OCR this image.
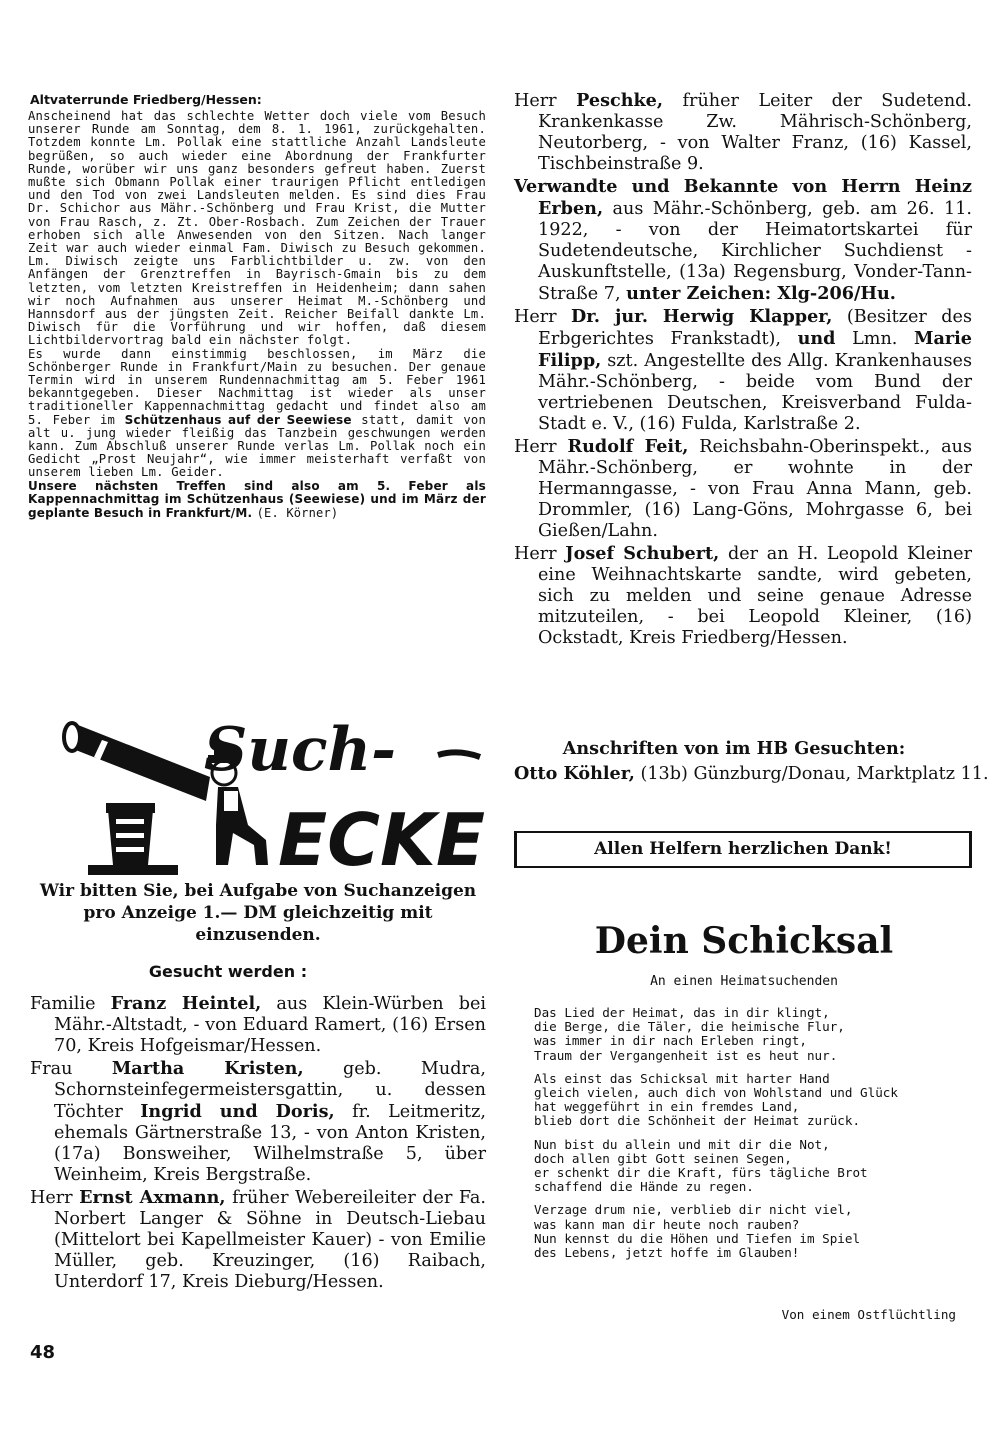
Altvaterrunde Friedberg/Hessen:

Anscheinend hat das schlechte Wetter doch viele vom Besuch unserer Runde am Sonntag, dem 8. 1. 1961, zurückgehalten. Totzdem konnte Lm. Pollak eine stattliche Anzahl Landsleute begrüßen, so auch wieder eine Abordnung der Frankfurter Runde, worüber wir uns ganz besonders gefreut haben. Zuerst mußte sich Obmann Pollak einer traurigen Pflicht entledigen und den Tod von zwei Landsleuten melden. Es sind dies Frau Dr. Schichor aus Mähr.-Schönberg und Frau Krist, die Mutter von Frau Rasch, z. Zt. Ober-Rosbach. Zum Zeichen der Trauer erhoben sich alle Anwesenden von den Sitzen. Nach langer Zeit war auch wieder einmal Fam. Diwisch zu Besuch gekommen. Lm. Diwisch zeigte uns Farblichtbilder u. zw. von den Anfängen der Grenztreffen in Bayrisch-Gmain bis zu dem letzten, vom letzten Kreistreffen in Heidenheim; dann sahen wir noch Aufnahmen aus unserer Heimat M.-Schönberg und Hannsdorf aus der jüngsten Zeit. Reicher Beifall dankte Lm. Diwisch für die Vorführung und wir hoffen, daß diesem Lichtbildervortrag bald ein nächster folgt.

Es wurde dann einstimmig beschlossen, im März die Schönberger Runde in Frankfurt/Main zu besuchen. Der genaue Termin wird in unserem Rundennachmittag am 5. Feber 1961 bekanntgegeben. Dieser Nachmittag ist wieder als unser traditioneller Kappennachmittag gedacht und findet also am 5. Feber im Schützenhaus auf der Seewiese statt, damit von alt u. jung wieder fleißig das Tanzbein geschwungen werden kann. Zum Abschluß unserer Runde verlas Lm. Pollak noch ein Gedicht „Prost Neujahr“, wie immer meisterhaft verfaßt von unserem lieben Lm. Geider.

Unsere nächsten Treffen sind also am 5. Feber als Kappennachmittag im Schützenhaus (Seewiese) und im März der geplante Besuch in Frankfurt/M. (E. Körner)

Such-
ECKE
Wir bitten Sie, bei Aufgabe von Suchanzeigen pro Anzeige 1.— DM gleichzeitig mit einzusenden.
Gesucht werden :

Familie Franz Heintel, aus Klein-Würben bei Mähr.-Altstadt, - von Eduard Ramert, (16) Ersen 70, Kreis Hofgeismar/Hessen.

Frau Martha Kristen, geb. Mudra, Schornsteinfegermeistersgattin, u. dessen Töchter Ingrid und Doris, fr. Leitmeritz, ehemals Gärtnerstraße 13, - von Anton Kristen, (17a) Bonsweiher, Wilhelmstraße 5, über Weinheim, Kreis Bergstraße.

Herr Ernst Axmann, früher Webereileiter der Fa. Norbert Langer & Söhne in Deutsch-Liebau (Mittelort bei Kapellmeister Kauer) - von Emilie Müller, geb. Kreuzinger, (16) Raibach, Unterdorf 17, Kreis Dieburg/Hessen.

48

Herr Peschke, früher Leiter der Sudetend. Krankenkasse Zw. Mährisch-Schönberg, Neutorberg, - von Walter Franz, (16) Kassel, Tischbeinstraße 9.

Verwandte und Bekannte von Herrn Heinz Erben, aus Mähr.-Schönberg, geb. am 26. 11. 1922, - von der Heimatortskartei für Sudetendeutsche, Kirchlicher Suchdienst - Auskunftstelle, (13a) Regensburg, Vonder-Tann-Straße 7, unter Zeichen: Xlg-206/Hu.

Herr Dr. jur. Herwig Klapper, (Besitzer des Erbgerichtes Frankstadt), und Lmn. Marie Filipp, szt. Angestellte des Allg. Krankenhauses Mähr.-Schönberg, - beide vom Bund der vertriebenen Deutschen, Kreisverband Fulda-Stadt e. V., (16) Fulda, Karlstraße 2.

Herr Rudolf Feit, Reichsbahn-Oberinspekt., aus Mähr.-Schönberg, er wohnte in der Hermanngasse, - von Frau Anna Mann, geb. Drommler, (16) Lang-Göns, Mohrgasse 6, bei Gießen/Lahn.

Herr Josef Schubert, der an H. Leopold Kleiner eine Weihnachtskarte sandte, wird gebeten, sich zu melden und seine genaue Adresse mitzuteilen, - bei Leopold Kleiner, (16) Ockstadt, Kreis Friedberg/Hessen.

Anschriften von im HB Gesuchten:

Otto Köhler, (13b) Günzburg/Donau, Marktplatz 11.

Allen Helfern herzlichen Dank!
Dein Schicksal
An einen Heimatsuchenden
Das Lied der Heimat, das in dir klingt,
die Berge, die Täler, die heimische Flur,
was immer in dir nach Erleben ringt,
Traum der Vergangenheit ist es heut nur.
Als einst das Schicksal mit harter Hand
gleich vielen, auch dich von Wohlstand und Glück
hat weggeführt in ein fremdes Land,
blieb dort die Schönheit der Heimat zurück.
Nun bist du allein und mit dir die Not,
doch allen gibt Gott seinen Segen,
er schenkt dir die Kraft, fürs tägliche Brot
schaffend die Hände zu regen.
Verzage drum nie, verblieb dir nicht viel,
was kann man dir heute noch rauben?
Nun kennst du die Höhen und Tiefen im Spiel
des Lebens, jetzt hoffe im Glauben!
Von einem Ostflüchtling
